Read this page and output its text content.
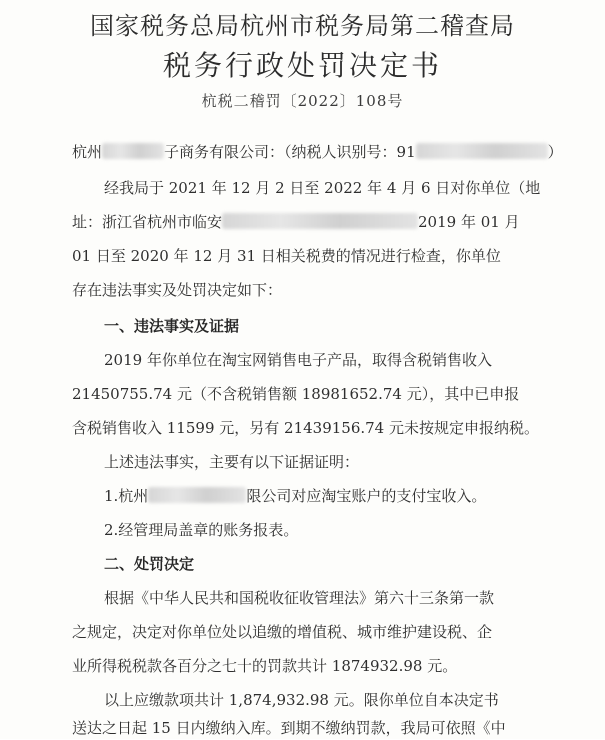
国家税务总局杭州市税务局第二稽查局
税务行政处罚决定书
杭税二稽罚〔2022〕108号
杭州	子商务有限公司：（纳税人识别号：91	）
经我局于 2021 年 12 月 2 日至 2022 年 4 月 6 日对你单位（地
址：浙江省杭州市临安	2019 年 01 月
01 日至 2020 年 12 月 31 日相关税费的情况进行检查，你单位
存在违法事实及处罚决定如下：
一、违法事实及证据
2019 年你单位在淘宝网销售电子产品，取得含税销售收入
21450755.74 元（不含税销售额 18981652.74 元），其中已申报
含税销售收入 11599 元，另有 21439156.74 元未按规定申报纳税。
上述违法事实，主要有以下证据证明：
1.杭州	限公司对应淘宝账户的支付宝收入。
2.经管理局盖章的账务报表。
二、处罚决定
根据《中华人民共和国税收征收管理法》第六十三条第一款
之规定，决定对你单位处以追缴的增值税、城市维护建设税、企
业所得税税款各百分之七十的罚款共计 1874932.98 元。
以上应缴款项共计 1,874,932.98 元。限你单位自本决定书
送达之日起 15 日内缴纳入库。到期不缴纳罚款，我局可依照《中
